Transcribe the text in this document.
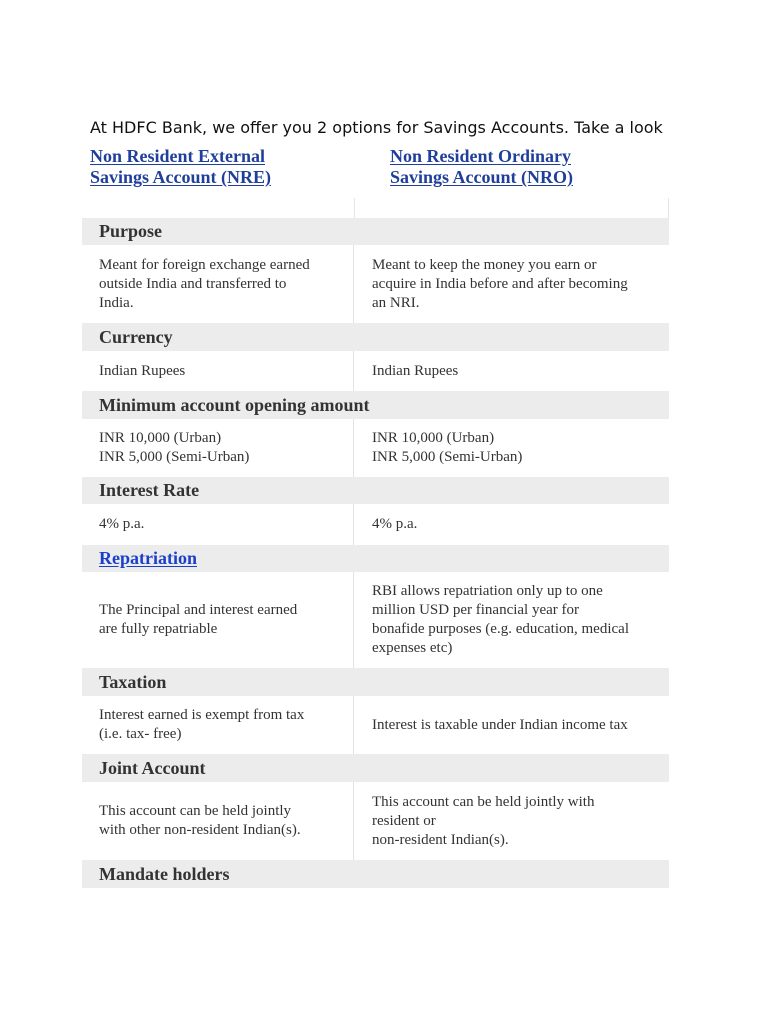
At HDFC Bank, we offer you 2 options for Savings Accounts. Take a look
Non Resident External
Savings Account (NRE)
Non Resident Ordinary
Savings Account (NRO)
Purpose
Meant for foreign exchange earned
outside India and transferred to
India.
Meant to keep the money you earn or
acquire in India before and after becoming
an NRI.
Currency
Indian Rupees	Indian Rupees
Minimum account opening amount
INR 10,000 (Urban)
INR 5,000 (Semi-Urban)
INR 10,000 (Urban)
INR 5,000 (Semi-Urban)
Interest Rate
4% p.a.	4% p.a.
Repatriation
The Principal and interest earned
are fully repatriable
RBI allows repatriation only up to one
million USD per financial year for
bonafide purposes (e.g. education, medical
expenses etc)
Taxation
Interest earned is exempt from tax
(i.e. tax- free)
Interest is taxable under Indian income tax
Joint Account
This account can be held jointly
with other non-resident Indian(s).
This account can be held jointly with
resident or
non-resident Indian(s).
Mandate holders
